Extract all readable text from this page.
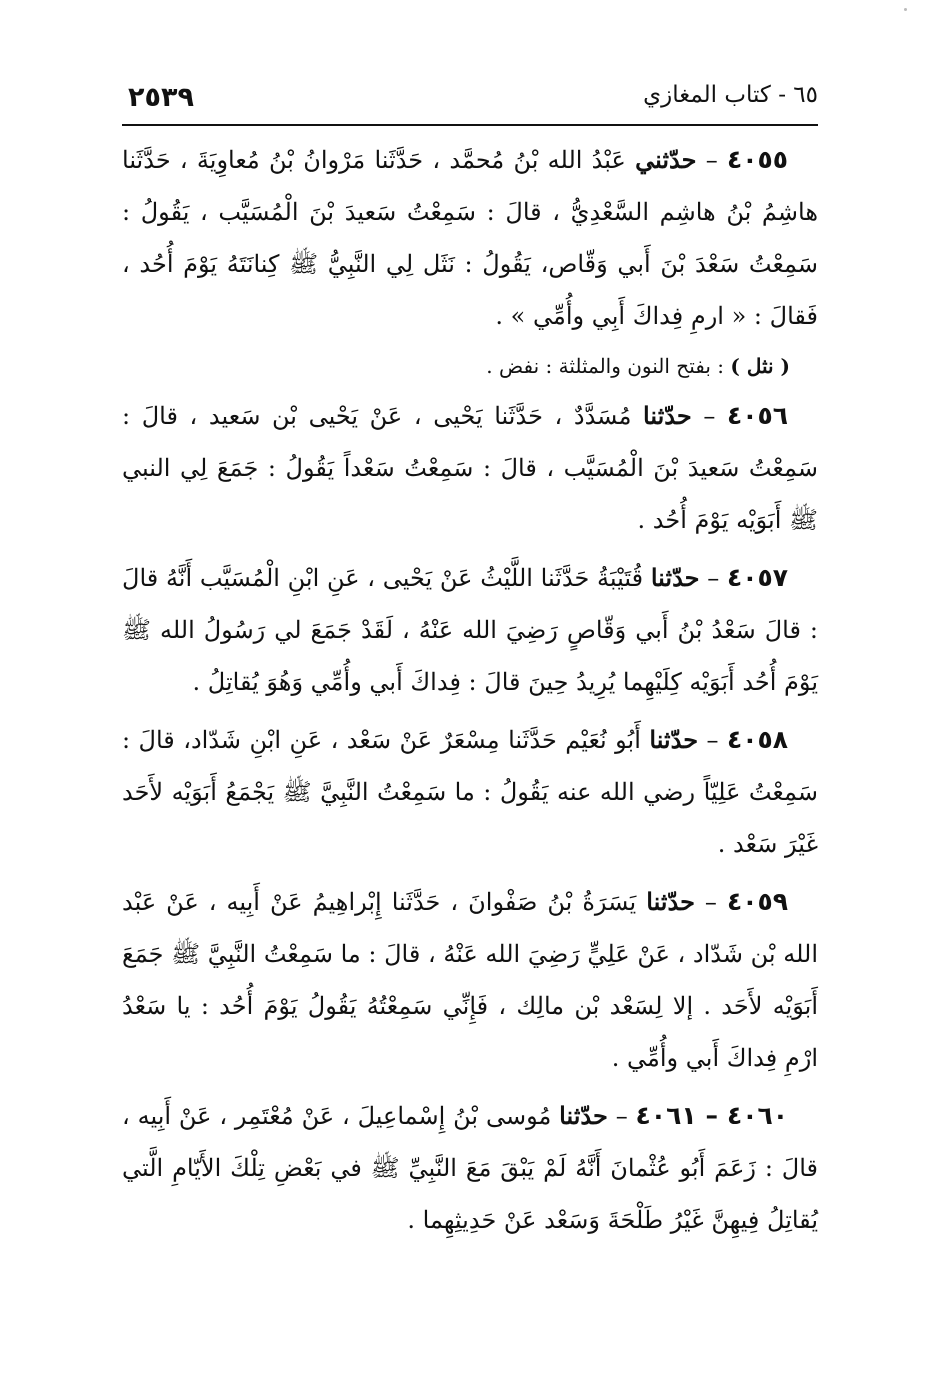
٦٥ - كتاب المغازي
٢٥٣٩

٤٠٥٥ – حدّثني عَبْدُ الله بْنُ مُحمَّد ، حَدَّثَنا مَرْوانُ بْنُ مُعاوِيَةَ ، حَدَّثَنا هاشِمُ بْنُ هاشِم السَّعْدِيُّ ، قالَ : سَمِعْتُ سَعيدَ بْنَ الْمُسَيَّب ، يَقُولُ : سَمِعْتُ سَعْدَ بْنَ أَبي وَقّاص، يَقُولُ : نَثَل لِي النَّبِيُّ ﷺ كِنانَتَهُ يَوْمَ أُحُد ، فَقالَ : « ارمِ فِداكَ أَبِي وأُمِّي » .

( نثل ) : بفتح النون والمثلثة : نفض .

٤٠٥٦ – حدّثنا مُسَدَّدٌ ، حَدَّثَنا يَحْيى ، عَنْ يَحْيى بْن سَعيد ، قالَ : سَمِعْتُ سَعيدَ بْنَ الْمُسَيَّب ، قالَ : سَمِعْتُ سَعْداً يَقُولُ : جَمَعَ لِي النبي ﷺ أَبَوَيْه يَوْمَ أُحُد .

٤٠٥٧ – حدّثنا قُتَيْبَةُ حَدَّثَنا اللَّيْثُ عَنْ يَحْيى ، عَنِ ابْنِ الْمُسَيَّب أَنَّهُ قالَ : قالَ سَعْدُ بْنُ أَبي وَقّاصٍ رَضِيَ الله عَنْهُ ، لَقَدْ جَمَعَ لي رَسُولُ الله ﷺ يَوْمَ أُحُد أَبَوَيْه كِلَيْهِما يُرِيدُ حِينَ قالَ : فِداكَ أَبي وأُمِّي وَهُوَ يُقاتِلُ .

٤٠٥٨ – حدّثنا أَبُو نُعَيْم حَدَّثَنا مِسْعَرٌ عَنْ سَعْد ، عَنِ ابْنِ شَدّاد، قالَ : سَمِعْتُ عَلِيّاً رضي الله عنه يَقُولُ : ما سَمِعْتُ النَّبِيَّ ﷺ يَجْمَعُ أَبَوَيْه لأَحَد غَيْرَ سَعْد .

٤٠٥٩ – حدّثنا يَسَرَةُ بْنُ صَفْوانَ ، حَدَّثَنا إِبْراهِيمُ عَنْ أَبِيه ، عَنْ عَبْد الله بْن شَدّاد ، عَنْ عَلِيٍّ رَضِيَ الله عَنْهُ ، قالَ : ما سَمِعْتُ النَّبِيَّ ﷺ جَمَعَ أَبَوَيْه لأَحَد . إلا لِسَعْد بْن مالِك ، فَإِنِّي سَمِعْتُهُ يَقُولُ يَوْمَ أُحُد : يا سَعْدُ ارْمِ فِداكَ أَبي وأُمِّي .

٤٠٦٠ – ٤٠٦١ – حدّثنا مُوسى بْنُ إِسْماعِيلَ ، عَنْ مُعْتَمِر ، عَنْ أَبِيه ، قالَ : زَعَمَ أَبُو عُثْمانَ أَنَّهُ لَمْ يَبْقَ مَعَ النَّبِيِّ ﷺ في بَعْضِ تِلْكَ الأَيّامِ الَّتي يُقاتِلُ فِيهِنَّ غَيْرُ طَلْحَةَ وَسَعْد عَنْ حَدِيثِهِما .
